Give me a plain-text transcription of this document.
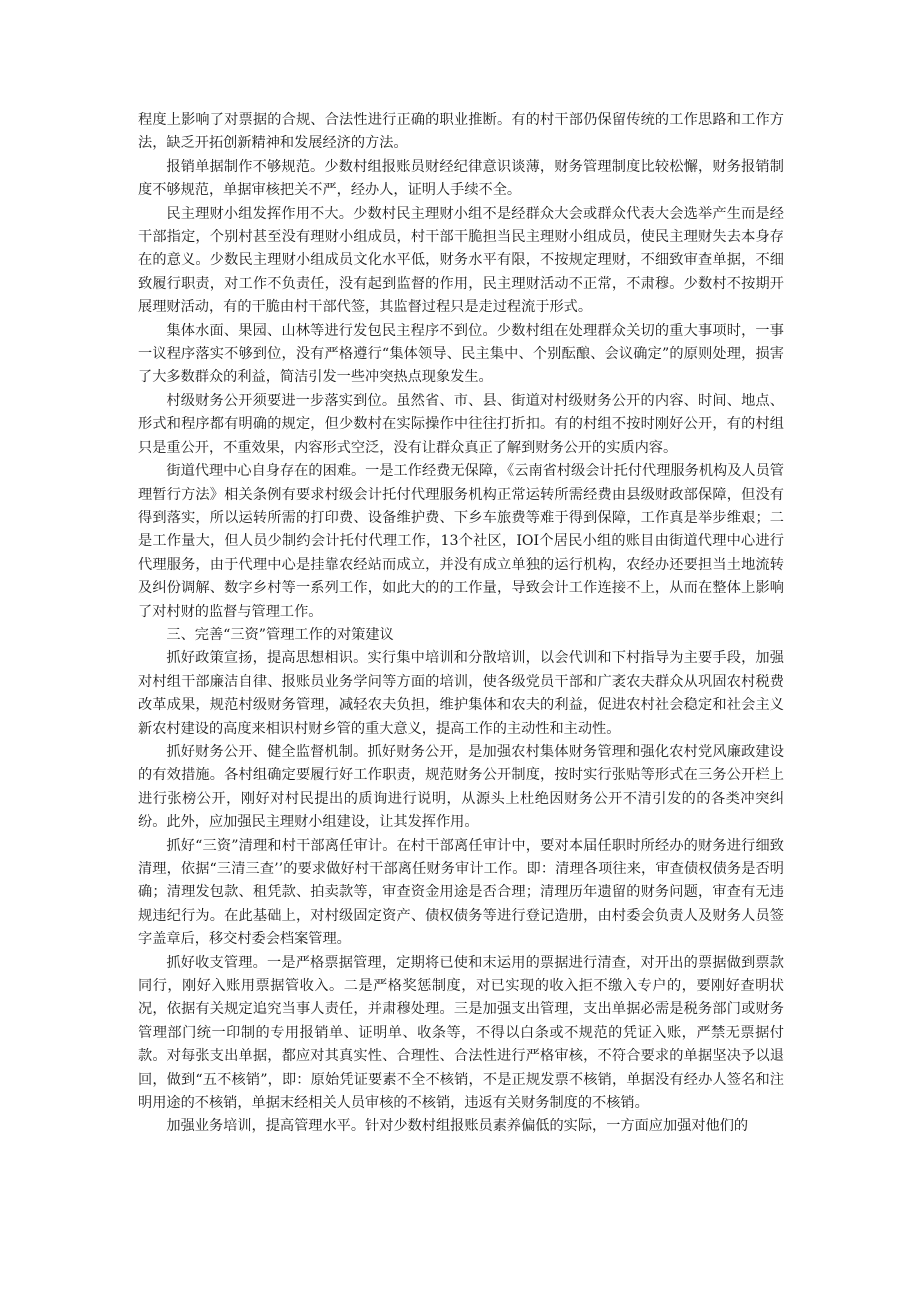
程度上影响了对票据的合规、合法性进行正确的职业推断。有的村干部仍保留传统的工作思路和工作方法，缺乏开拓创新精神和发展经济的方法。

报销单据制作不够规范。少数村组报账员财经纪律意识谈薄，财务管理制度比较松懈，财务报销制度不够规范，单据审核把关不严，经办人，证明人手续不全。

民主理财小组发挥作用不大。少数村民主理财小组不是经群众大会或群众代表大会选举产生而是经干部指定，个别村甚至没有理财小组成员，村干部干脆担当民主理财小组成员，使民主理财失去本身存在的意义。少数民主理财小组成员文化水平低，财务水平有限，不按规定理财，不细致审查单据，不细致履行职责，对工作不负责任，没有起到监督的作用，民主理财活动不正常，不肃穆。少数村不按期开展理财活动，有的干脆由村干部代签，其监督过程只是走过程流于形式。

集体水面、果园、山林等进行发包民主程序不到位。少数村组在处理群众关切的重大事项时，一事一议程序落实不够到位，没有严格遵行“集体领导、民主集中、个别酝酿、会议确定”的原则处理，损害了大多数群众的利益，简洁引发一些冲突热点现象发生。

村级财务公开须要进一步落实到位。虽然省、市、县、街道对村级财务公开的内容、时间、地点、形式和程序都有明确的规定，但少数村在实际操作中往往打折扣。有的村组不按时刚好公开，有的村组只是重公开，不重效果，内容形式空泛，没有让群众真正了解到财务公开的实质内容。

街道代理中心自身存在的困难。一是工作经费无保障，《云南省村级会计托付代理服务机构及人员管理暂行方法》相关条例有要求村级会计托付代理服务机构正常运转所需经费由县级财政部保障，但没有得到落实，所以运转所需的打印费、设备维护费、下乡车旅费等难于得到保障，工作真是举步维艰；二是工作量大，但人员少制约会计托付代理工作，13个社区，IOI个居民小组的账目由街道代理中心进行代理服务，由于代理中心是挂靠农经站而成立，并没有成立单独的运行机构，农经办还要担当土地流转及纠份调解、数字乡村等一系列工作，如此大的的工作量，导致会计工作连接不上，从而在整体上影响了对村财的监督与管理工作。

三、完善“三资”管理工作的对策建议

抓好政策宣扬，提高思想相识。实行集中培训和分散培训，以会代训和下村指导为主要手段，加强对村组干部廉洁自律、报账员业务学问等方面的培训，使各级党员干部和广袤农夫群众从巩固农村税费改革成果，规范村级财务管理，减轻农夫负担，维护集体和农夫的利益，促进农村社会稳定和社会主义新农村建设的高度来相识村财乡管的重大意义，提高工作的主动性和主动性。

抓好财务公开、健全监督机制。抓好财务公开，是加强农村集体财务管理和强化农村党风廉政建设的有效措施。各村组确定要履行好工作职责，规范财务公开制度，按时实行张贴等形式在三务公开栏上进行张榜公开，刚好对村民提出的质询进行说明，从源头上杜绝因财务公开不清引发的的各类冲突纠纷。此外，应加强民主理财小组建设，让其发挥作用。

抓好“三资”清理和村干部离任审计。在村干部离任审计中，要对本届任职时所经办的财务进行细致清理，依据“三清三查’’的要求做好村干部离任财务审计工作。即：清理各项往来，审查债权债务是否明确；清理发包款、租凭款、拍卖款等，审查资金用途是否合理；清理历年遗留的财务问题，审查有无违规违纪行为。在此基础上，对村级固定资产、债权债务等进行登记造册，由村委会负责人及财务人员签字盖章后，移交村委会档案管理。

抓好收支管理。一是严格票据管理，定期将已使和末运用的票据进行清查，对开出的票据做到票款同行，刚好入账用票据管收入。二是严格奖惩制度，对已实现的收入拒不缴入专户的，要刚好查明状况，依据有关规定追究当事人责任，并肃穆处理。三是加强支出管理，支出单据必需是税务部门或财务管理部门统一印制的专用报销单、证明单、收条等，不得以白条或不规范的凭证入账，严禁无票据付款。对每张支出单据，都应对其真实性、合理性、合法性进行严格审核，不符合要求的单据坚决予以退回，做到“五不核销”，即：原始凭证要素不全不核销，不是正规发票不核销，单据没有经办人签名和注明用途的不核销，单据末经相关人员审核的不核销，违返有关财务制度的不核销。

加强业务培训，提高管理水平。针对少数村组报账员素养偏低的实际，一方面应加强对他们的
